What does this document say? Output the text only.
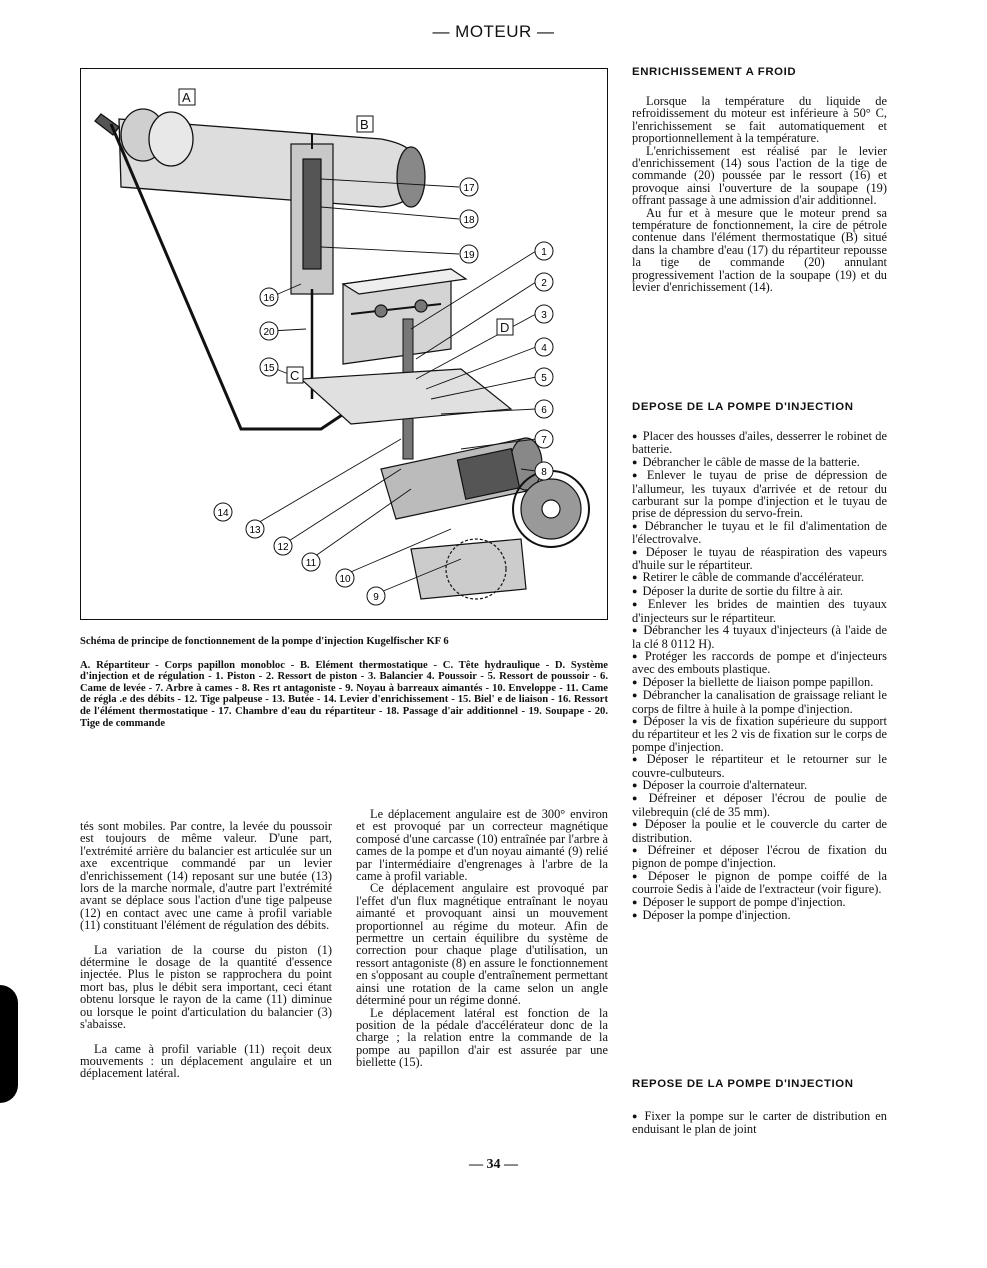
— MOTEUR —
A
B
C
D
1
2
3
4
5
6
7
8
9
10
11
12
13
14
15
16
17
18
19
20
Schéma de principe de fonctionnement de la pompe d'injection Kugelfischer KF 6
A. Répartiteur - Corps papillon monobloc - B. Elément thermostatique - C. Tête hydraulique - D. Système d'injection et de régulation - 1. Piston - 2. Ressort de piston - 3. Balancier 4. Poussoir - 5. Ressort de poussoir - 6. Came de levée - 7. Arbre à cames - 8. Res rt antagoniste - 9. Noyau à barreaux aimantés - 10. Enveloppe - 11. Came de régla .e des débits - 12. Tige palpeuse - 13. Butée - 14. Levier d'enrichissement - 15. Biel' e de liaison - 16. Ressort de l'élément thermostatique - 17. Chambre d'eau du répartiteur - 18. Passage d'air additionnel - 19. Soupape - 20. Tige de commande

tés sont mobiles. Par contre, la levée du poussoir est toujours de même valeur. D'une part, l'extrémité arrière du balancier est articulée sur un axe excentrique commandé par un levier d'enrichissement (14) reposant sur une butée (13) lors de la marche normale, d'autre part l'extrémité avant se déplace sous l'action d'une tige palpeuse (12) en contact avec une came à profil variable (11) constituant l'élément de régulation des débits.

La variation de la course du piston (1) détermine le dosage de la quantité d'essence injectée. Plus le piston se rapprochera du point mort bas, plus le débit sera important, ceci étant obtenu lorsque le rayon de la came (11) diminue ou lorsque le point d'articulation du balancier (3) s'abaisse.

La came à profil variable (11) reçoit deux mouvements : un déplacement angulaire et un déplacement latéral.

Le déplacement angulaire est de 300° environ et est provoqué par un correcteur magnétique composé d'une carcasse (10) entraînée par l'arbre à cames de la pompe et d'un noyau aimanté (9) relié par l'intermédiaire d'engrenages à l'arbre de la came à profil variable.

Ce déplacement angulaire est provoqué par l'effet d'un flux magnétique entraînant le noyau aimanté et provoquant ainsi un mouvement proportionnel au régime du moteur. Afin de permettre un certain équilibre du système de correction pour chaque plage d'utilisation, un ressort antagoniste (8) en assure le fonctionnement en s'opposant au couple d'entraînement permettant ainsi une rotation de la came selon un angle déterminé pour un régime donné.

Le déplacement latéral est fonction de la position de la pédale d'accélérateur donc de la charge ; la relation entre la commande de la pompe au papillon d'air est assurée par une biellette (15).

ENRICHISSEMENT A FROID

Lorsque la température du liquide de refroidissement du moteur est inférieure à 50° C, l'enrichissement se fait automatiquement et proportionnellement à la température.

L'enrichissement est réalisé par le levier d'enrichissement (14) sous l'action de la tige de commande (20) poussée par le ressort (16) et provoque ainsi l'ouverture de la soupape (19) offrant passage à une admission d'air additionnel.

Au fur et à mesure que le moteur prend sa température de fonctionnement, la cire de pétrole contenue dans l'élément thermostatique (B) situé dans la chambre d'eau (17) du répartiteur repousse la tige de commande (20) annulant progressivement l'action de la soupape (19) et du levier d'enrichissement (14).

DEPOSE DE LA POMPE D'INJECTION
● Placer des housses d'ailes, desserrer le robinet de batterie.
● Débrancher le câble de masse de la batterie.
● Enlever le tuyau de prise de dépression de l'allumeur, les tuyaux d'arrivée et de retour du carburant sur la pompe d'injection et le tuyau de prise de dépression du servo-frein.
● Débrancher le tuyau et le fil d'alimentation de l'électrovalve.
● Déposer le tuyau de réaspiration des vapeurs d'huile sur le répartiteur.
● Retirer le câble de commande d'accélérateur.
● Déposer la durite de sortie du filtre à air.
● Enlever les brides de maintien des tuyaux d'injecteurs sur le répartiteur.
● Débrancher les 4 tuyaux d'injecteurs (à l'aide de la clé 8 0112 H).
● Protéger les raccords de pompe et d'injecteurs avec des embouts plastique.
● Déposer la biellette de liaison pompe papillon.
● Débrancher la canalisation de graissage reliant le corps de filtre à huile à la pompe d'injection.
● Déposer la vis de fixation supérieure du support du répartiteur et les 2 vis de fixation sur le corps de pompe d'injection.
● Déposer le répartiteur et le retourner sur le couvre-culbuteurs.
● Déposer la courroie d'alternateur.
● Défreiner et déposer l'écrou de poulie de vilebrequin (clé de 35 mm).
● Déposer la poulie et le couvercle du carter de distribution.
● Défreiner et déposer l'écrou de fixation du pignon de pompe d'injection.
● Déposer le pignon de pompe coiffé de la courroie Sedis à l'aide de l'extracteur (voir figure).
● Déposer le support de pompe d'injection.
● Déposer la pompe d'injection.
REPOSE DE LA POMPE D'INJECTION
● Fixer la pompe sur le carter de distribution en enduisant le plan de joint
— 34 —
